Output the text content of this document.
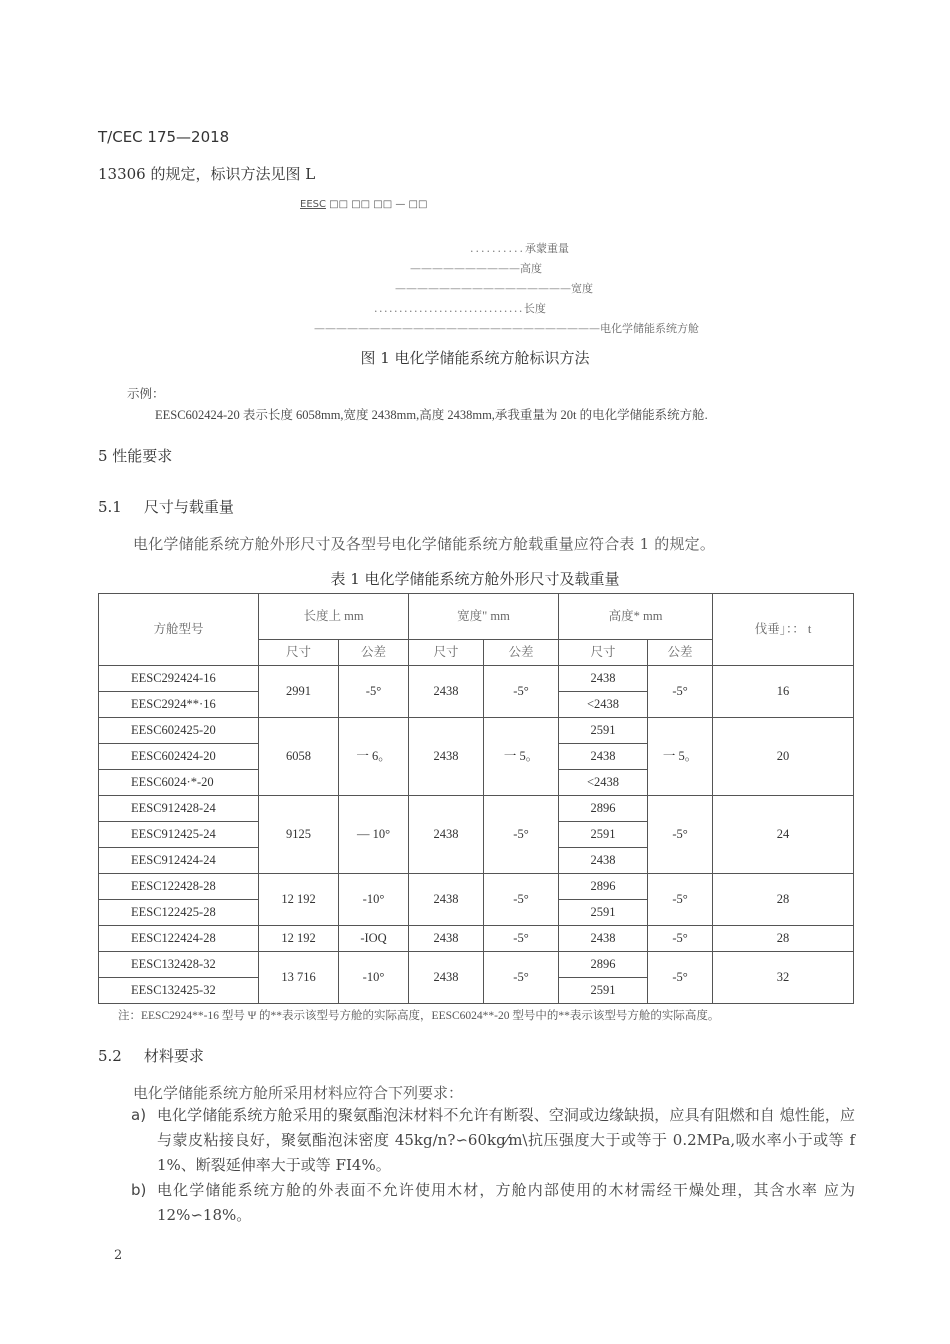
T/CEC 175—2018
13306 的规定，标识方法见图 L
EESC □□ □□ □□ — □□
..........承蒙重量
——————————高度
————————————————宽度
..............................长度
——————————————————————————电化学储能系统方舱
图 1 电化学储能系统方舱标识方法
示例：
EESC602424-20 表示长度 6058mm,宽度 2438mm,高度 2438mm,承我重量为 20t 的电化学储能系统方舱.
5 性能要求
5.1 尺寸与载重量
电化学储能系统方舱外形尺寸及各型号电化学储能系统方舱载重量应符合表 1 的规定。
表 1 电化学储能系统方舱外形尺寸及载重量
方舱型号	长度上 mm		宽度" mm		高度* mm		伐垂」：： t
	尺寸	公差	尺寸	公差	尺寸	公差	
EESC292424-16	2991	-5°	2438	-5°	2438	-5°	16
EESC2924**·16					<2438		
EESC602425-20	6058	一 6。	2438	一 5。	2591	一 5。	20
EESC602424-20					2438		
EESC6024·*-20					<2438		
EESC912428-24	9125	— 10°	2438	-5°	2896	-5°	24
EESC912425-24					2591		
EESC912424-24					2438		
EESC122428-28	12 192	-10°	2438	-5°	2896	-5°	28
EESC122425-28					2591		
EESC122424-28	12 192	-IOQ	2438	-5°	2438	-5°	28
EESC132428-32	13 716	-10°	2438	-5°	2896	-5°	32
EESC132425-32					2591		
注：EESC2924**-16 型号 Ψ 的**表示该型号方舱的实际高度，EESC6024**-20 型号中的**表示该型号方舱的实际高度。
5.2 材料要求
电化学储能系统方舱所采用材料应符合下列要求：
a) 电化学储能系统方舱采用的聚氨酯泡沫材料不允许有断裂、空洞或边缘缺损，应具有阻燃和自 熄性能，应与蒙皮粘接良好，聚氨酯泡沫密度 45kg/n?∽60kg⁄m\抗压强度大于或等于 0.2MPa,吸水率小于或等 f 1%、断裂延伸率大于或等 FI4%。
b) 电化学储能系统方舱的外表面不允许使用木材，方舱内部使用的木材需经干燥处理，其含水率 应为 12%∽18%。
2
